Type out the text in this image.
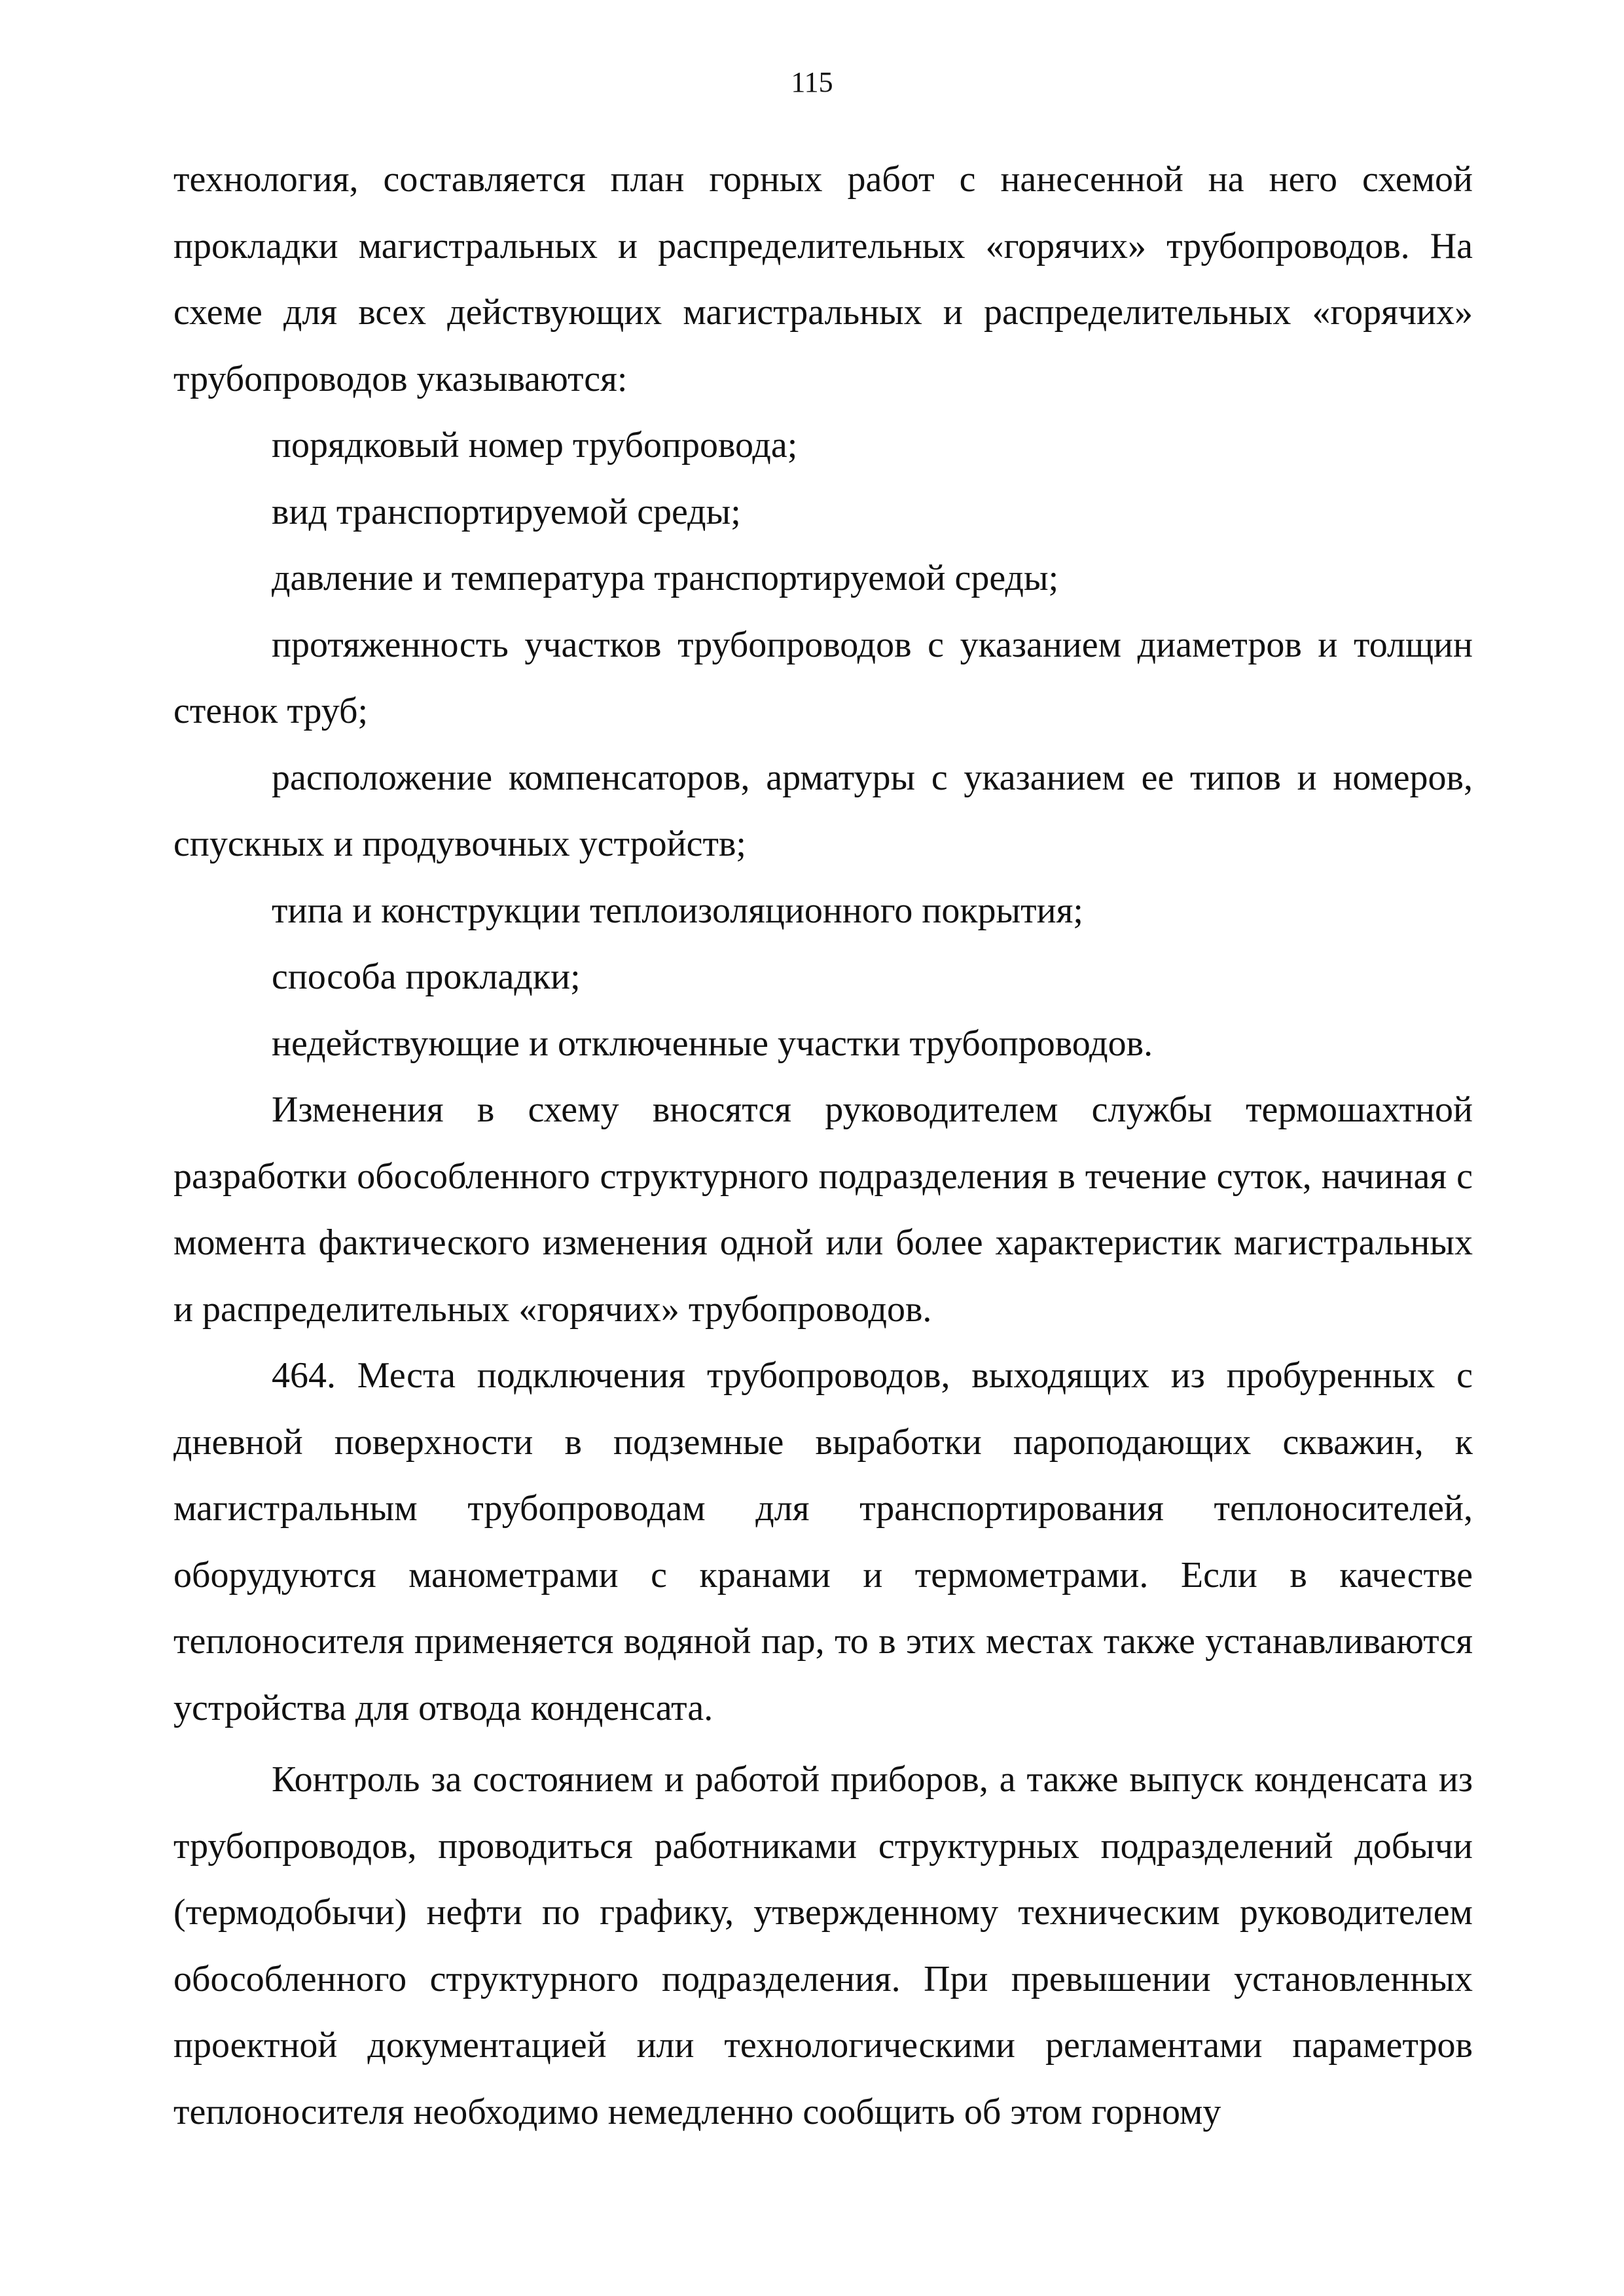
115

технология, составляется план горных работ с нанесенной на него схемой прокладки магистральных и распределительных «горячих» трубопроводов. На схеме для всех действующих магистральных и распределительных «горячих» трубопроводов указываются:

порядковый номер трубопровода;

вид транспортируемой среды;

давление и температура транспортируемой среды;

протяженность участков трубопроводов с указанием диаметров и толщин стенок труб;

расположение компенсаторов, арматуры с указанием ее типов и номеров, спускных и продувочных устройств;

типа и конструкции теплоизоляционного покрытия;

способа прокладки;

недействующие и отключенные участки трубопроводов.

Изменения в схему вносятся руководителем службы термошахтной разработки обособленного структурного подразделения в течение суток, начиная с момента фактического изменения одной или более характеристик магистральных и распределительных «горячих» трубопроводов.

464. Места подключения трубопроводов, выходящих из пробуренных с дневной поверхности в подземные выработки пароподающих скважин, к магистральным трубопроводам для транспортирования теплоносителей, оборудуются манометрами с кранами и термометрами. Если в качестве теплоносителя применяется водяной пар, то в этих местах также устанавливаются устройства для отвода конденсата.

Контроль за состоянием и работой приборов, а также выпуск конденсата из трубопроводов, проводиться работниками структурных подразделений добычи (термодобычи) нефти по графику, утвержденному техническим руководителем обособленного структурного подразделения. При превышении установленных проектной документацией или технологическими регламентами параметров теплоносителя необходимо немедленно сообщить об этом горному
